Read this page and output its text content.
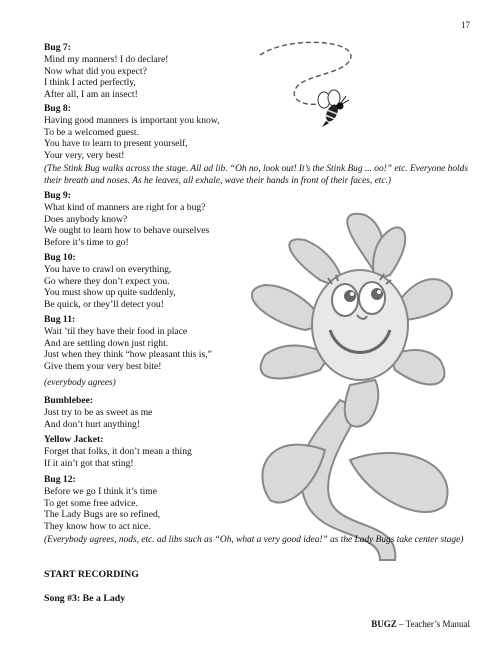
17

Bug 7:

Mind my manners! I do declare!

Now what did you expect?

I think I acted perfectly,

After all, I am an insect!

Bug 8:

Having good manners is important you know,

To be a welcomed guest.

You have to learn to present yourself,

Your very, very best!

(The Stink Bug walks across the stage. All ad lib. “Oh no, look out! It’s the Stink Bug ... oo!” etc. Everyone holds their breath and noses. As he leaves, all exhale, wave their hands in front of their faces, etc.)

Bug 9:

What kind of manners are right for a bug?

Does anybody know?

We ought to learn how to behave ourselves

Before it’s time to go!

Bug 10:

You have to crawl on everything,

Go where they don’t expect you.

You must show up quite suddenly,

Be quick, or they’ll detect you!

Bug 11:

Wait ’til they have their food in place

And are settling down just right.

Just when they think “how pleasant this is,”

Give them your very best bite!

(everybody agrees)

Bumblebee:

Just try to be as sweet as me

And don’t hurt anything!

Yellow Jacket:

Forget that folks, it don’t mean a thing

If it ain’t got that sting!

Bug 12:

Before we go I think it’s time

To get some free advice.

The Lady Bugs are so refined,

They know how to act nice.

(Everybody agrees, nods, etc. ad libs such as “Oh, what a very good idea!” as the Lady Bugs take center stage)
START RECORDING
Song #3: Be a Lady
BUGZ – Teacher’s Manual
